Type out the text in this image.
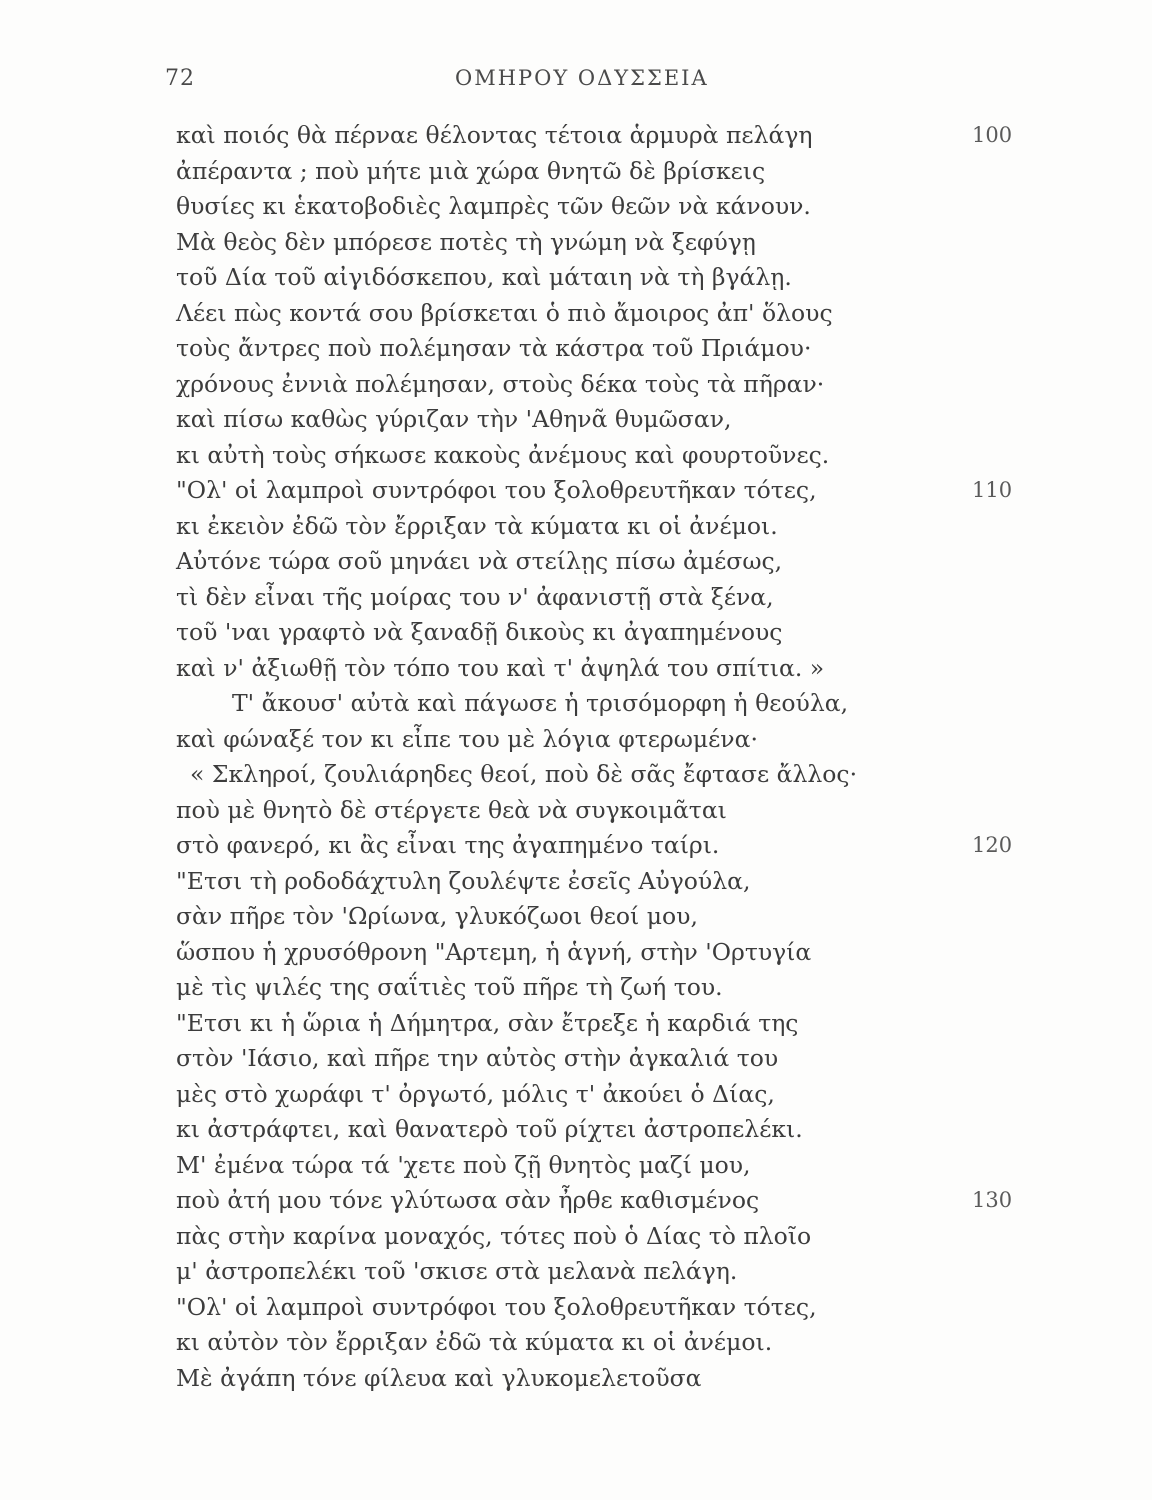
72	ΟΜΗΡΟΥ ΟΔΥΣΣΕΙΑ
καὶ ποιός θὰ πέρναε θέλοντας τέτοια ἁρμυρὰ πελάγη	100
ἀπέραντα ; ποὺ μήτε μιὰ χώρα θνητῶ δὲ βρίσκεις
θυσίες κι ἑκατοβοδιὲς λαμπρὲς τῶν θεῶν νὰ κάνουν.
Μὰ θεὸς δὲν μπόρεσε ποτὲς τὴ γνώμη νὰ ξεφύγῃ
τοῦ Δία τοῦ αἰγιδόσκεπου, καὶ μάταιη νὰ τὴ βγάλῃ.
Λέει πὼς κοντά σου βρίσκεται ὁ πιὸ ἄμοιρος ἀπ' ὅλους
τοὺς ἄντρες ποὺ πολέμησαν τὰ κάστρα τοῦ Πριάμου·
χρόνους ἐννιὰ πολέμησαν, στοὺς δέκα τοὺς τὰ πῆραν·
καὶ πίσω καθὼς γύριζαν τὴν 'Αθηνᾶ θυμῶσαν,
κι αὐτὴ τοὺς σήκωσε κακοὺς ἀνέμους καὶ φουρτοῦνες.
"Ολ' οἱ λαμπροὶ συντρόφοι του ξολοθρευτῆκαν τότες,	110
κι ἐκειὸν ἐδῶ τὸν ἔρριξαν τὰ κύματα κι οἱ ἀνέμοι.
Αὐτόνε τώρα σοῦ μηνάει νὰ στείλῃς πίσω ἀμέσως,
τὶ δὲν εἶναι τῆς μοίρας του ν' ἀφανιστῇ στὰ ξένα,
τοῦ 'ναι γραφτὸ νὰ ξαναδῇ δικοὺς κι ἀγαπημένους
καὶ ν' ἀξιωθῇ τὸν τόπο του καὶ τ' ἀψηλά του σπίτια. »
Τ' ἄκουσ' αὐτὰ καὶ πάγωσε ἡ τρισόμορφη ἡ θεούλα,
καὶ φώναξέ τον κι εἶπε του μὲ λόγια φτερωμένα·
« Σκληροί, ζουλιάρηδες θεοί, ποὺ δὲ σᾶς ἔφτασε ἄλλος·
ποὺ μὲ θνητὸ δὲ στέργετε θεὰ νὰ συγκοιμᾶται
στὸ φανερό, κι ἂς εἶναι της ἀγαπημένο ταίρι.	120
"Ετσι τὴ ροδοδάχτυλη ζουλέψτε ἐσεῖς Αὐγούλα,
σὰν πῆρε τὸν 'Ωρίωνα, γλυκόζωοι θεοί μου,
ὥσπου ἡ χρυσόθρονη "Αρτεμη, ἡ ἁγνή, στὴν 'Ορτυγία
μὲ τὶς ψιλές της σαΐτιὲς τοῦ πῆρε τὴ ζωή του.
"Ετσι κι ἡ ὥρια ἡ Δήμητρα, σὰν ἔτρεξε ἡ καρδιά της
στὸν 'Ιάσιο, καὶ πῆρε την αὐτὸς στὴν ἀγκαλιά του
μὲς στὸ χωράφι τ' ὀργωτό, μόλις τ' ἀκούει ὁ Δίας,
κι ἀστράφτει, καὶ θανατερὸ τοῦ ρίχτει ἀστροπελέκι.
Μ' ἐμένα τώρα τά 'χετε ποὺ ζῇ θνητὸς μαζί μου,
ποὺ ἀτή μου τόνε γλύτωσα σὰν ἦρθε καθισμένος	130
πὰς στὴν καρίνα μοναχός, τότες ποὺ ὁ Δίας τὸ πλοῖο
μ' ἀστροπελέκι τοῦ 'σκισε στὰ μελανὰ πελάγη.
"Ολ' οἱ λαμπροὶ συντρόφοι του ξολοθρευτῆκαν τότες,
κι αὐτὸν τὸν ἔρριξαν ἐδῶ τὰ κύματα κι οἱ ἀνέμοι.
Μὲ ἀγάπη τόνε φίλευα καὶ γλυκομελετοῦσα
